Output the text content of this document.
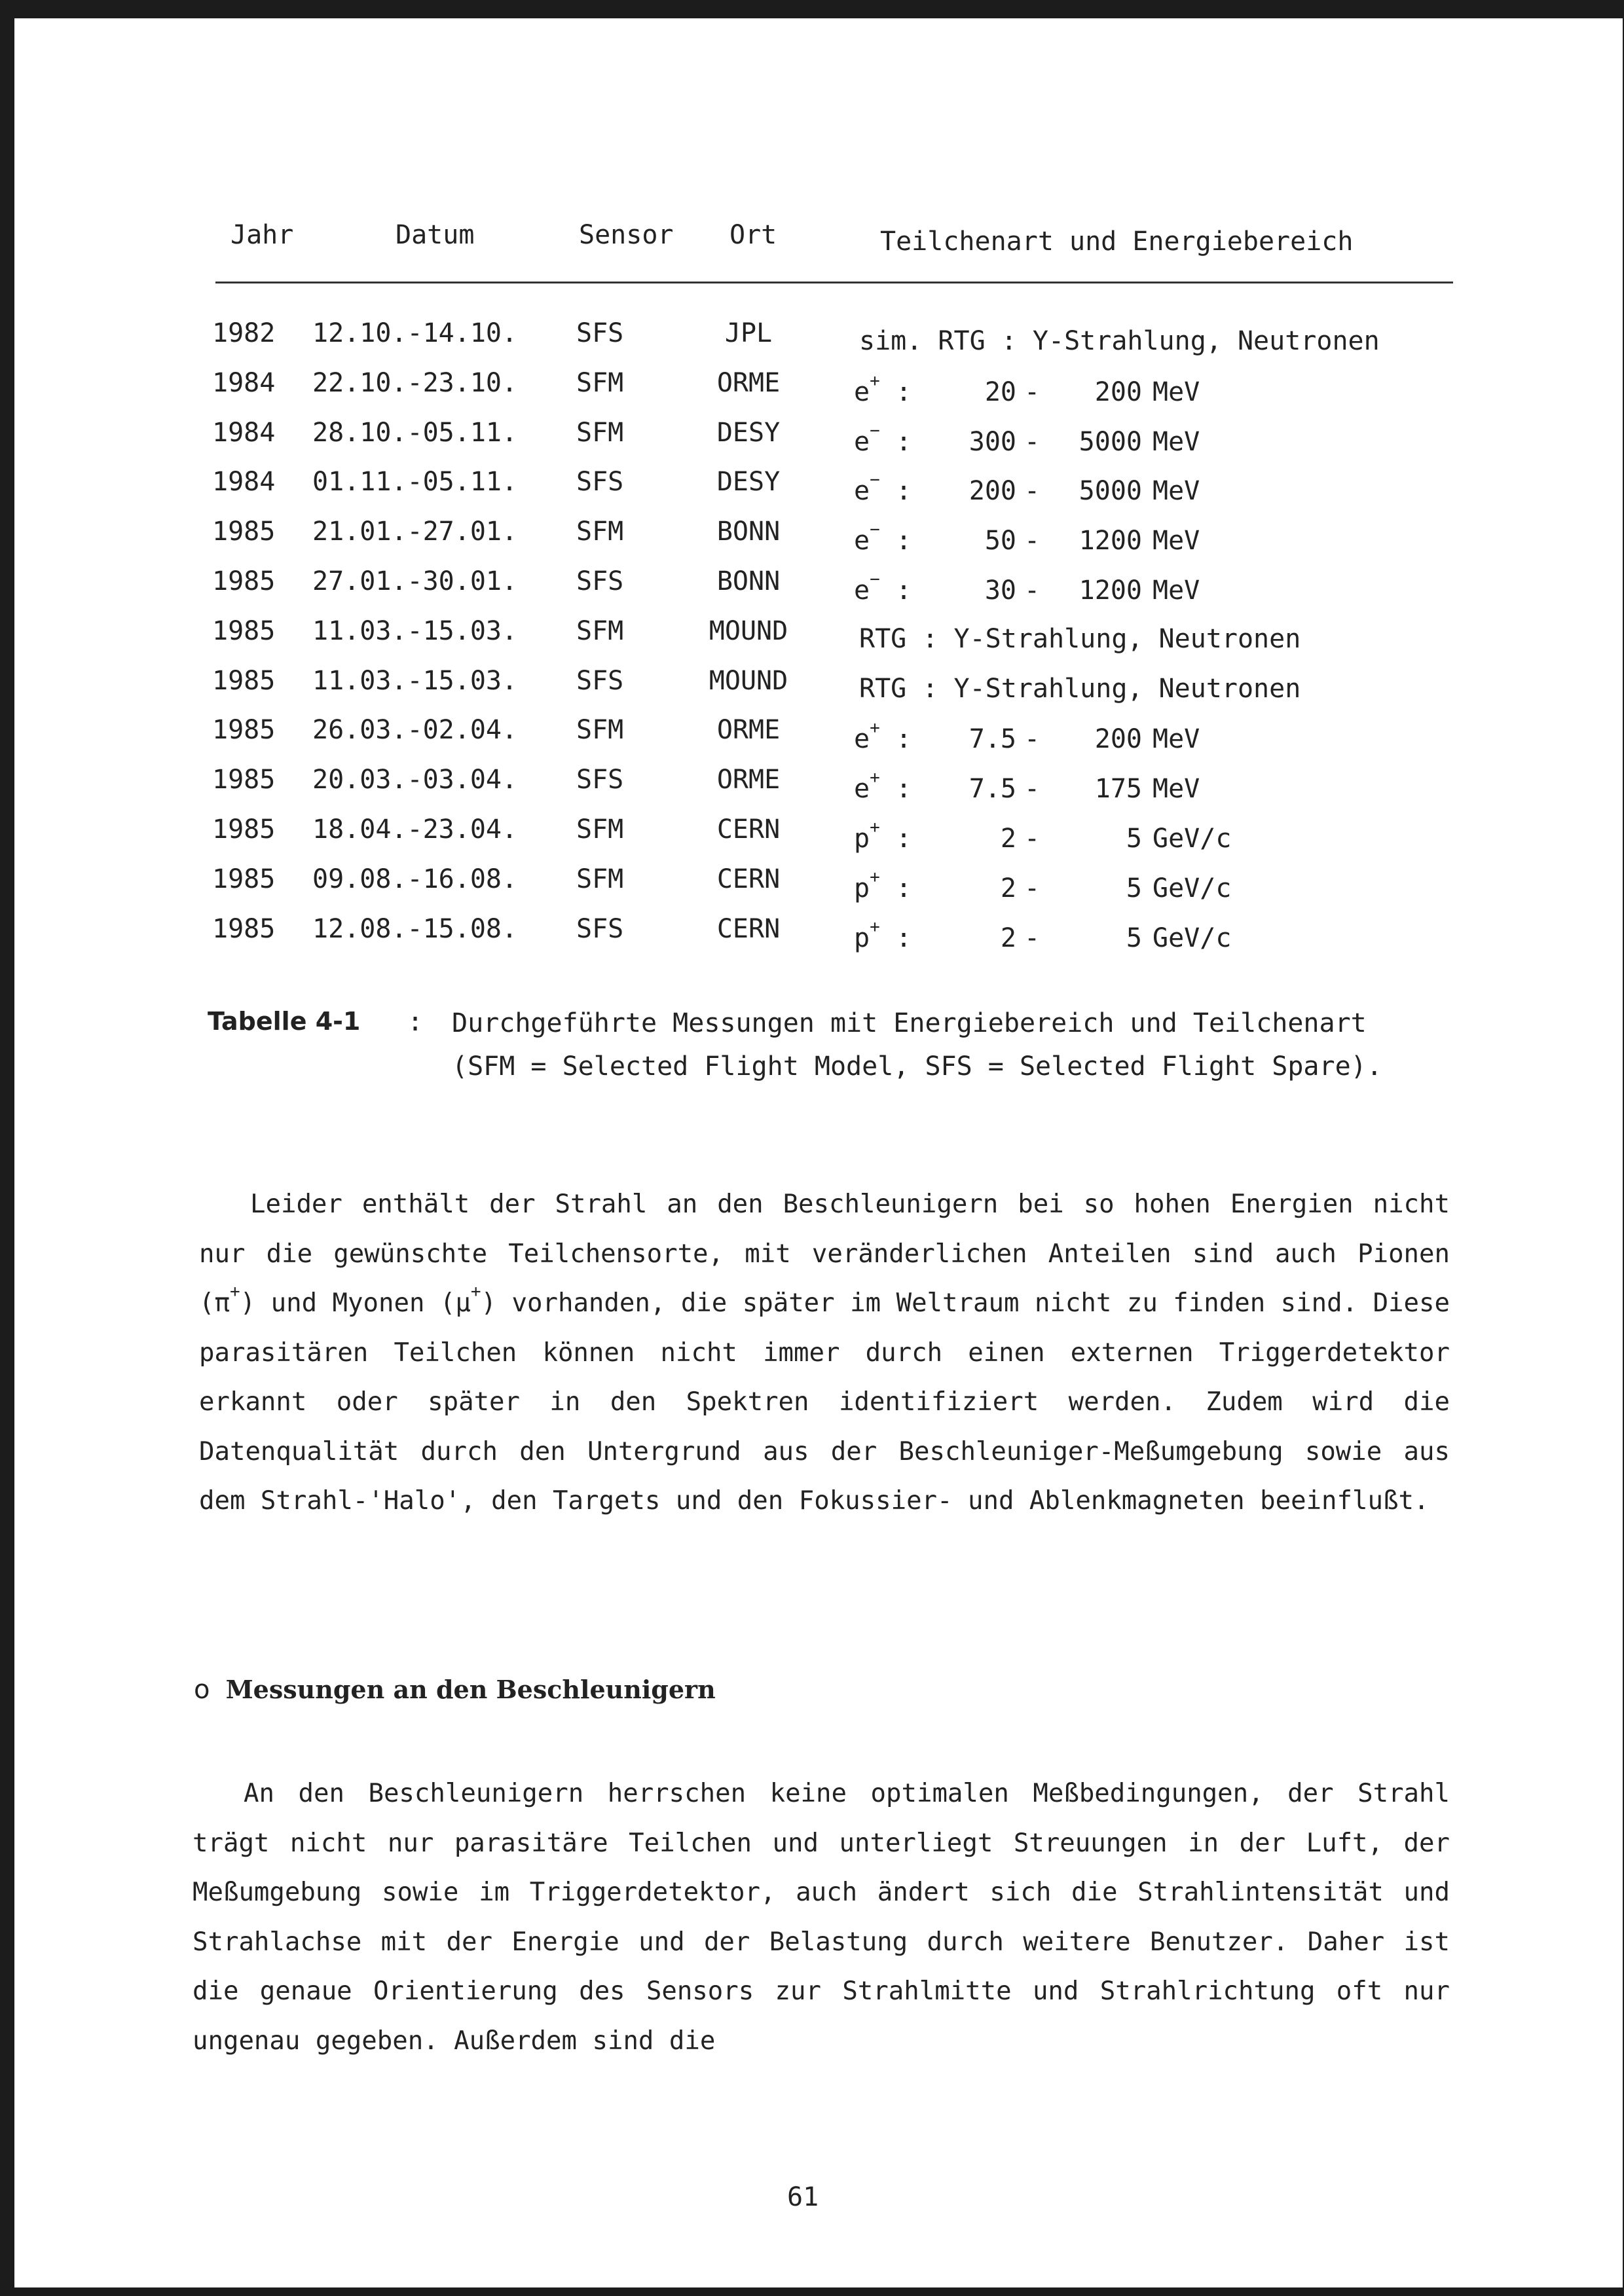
Jahr	Datum	Sensor Ort	Teilchenart und Energiebereich
1982 12.10.-14.10. SFS	JPL	sim. RTG : Υ-Strahlung, Neutronen
1984 22.10.-23.10. SFM	ORME	e+ :	20 -	200 MeV
1984 28.10.-05.11. SFM	DESY	e− :	300 -	5000 MeV
1984 01.11.-05.11. SFS	DESY	e− :	200 -	5000 MeV
1985 21.01.-27.01. SFM	BONN	e− :	50 -	1200 MeV
1985 27.01.-30.01. SFS	BONN	e− :	30 -	1200 MeV
1985 11.03.-15.03. SFM	MOUND	RTG : Υ-Strahlung, Neutronen
1985 11.03.-15.03. SFS	MOUND	RTG : Υ-Strahlung, Neutronen
1985 26.03.-02.04. SFM	ORME	e+ :	7.5 -	200 MeV
1985 20.03.-03.04. SFS	ORME	e+ :	7.5 -	175 MeV
1985 18.04.-23.04. SFM	CERN	p+ :	2 -	5 GeV/c
1985 09.08.-16.08. SFM	CERN	p+ :	2 -	5 GeV/c
1985 12.08.-15.08. SFS	CERN	p+ :	2 -	5 GeV/c
Tabelle 4-1 : Durchgeführte Messungen mit Energiebereich und Teilchenart
(SFM = Selected Flight Model, SFS = Selected Flight Spare).

Leider enthält der Strahl an den Beschleunigern bei so hohen Energien nicht nur die gewünschte Teilchensorte, mit veränderlichen Anteilen sind auch Pionen (π+) und Myonen (μ+) vorhanden, die später im Weltraum nicht zu finden sind. Diese parasitären Teilchen können nicht immer durch einen externen Triggerdetektor erkannt oder später in den Spektren identifiziert werden. Zudem wird die Datenqualität durch den Untergrund aus der Beschleuniger-Meßumgebung sowie aus dem Strahl-'Halo', den Targets und den Fokussier- und Ablenkmagneten beeinflußt.

o Messungen an den Beschleunigern

An den Beschleunigern herrschen keine optimalen Meßbedingungen, der Strahl trägt nicht nur parasitäre Teilchen und unterliegt Streuungen in der Luft, der Meßumgebung sowie im Triggerdetektor, auch ändert sich die Strahlintensität und Strahlachse mit der Energie und der Belastung durch weitere Benutzer. Daher ist die genaue Orientierung des Sensors zur Strahlmitte und Strahlrichtung oft nur ungenau gegeben. Außerdem sind die

61
